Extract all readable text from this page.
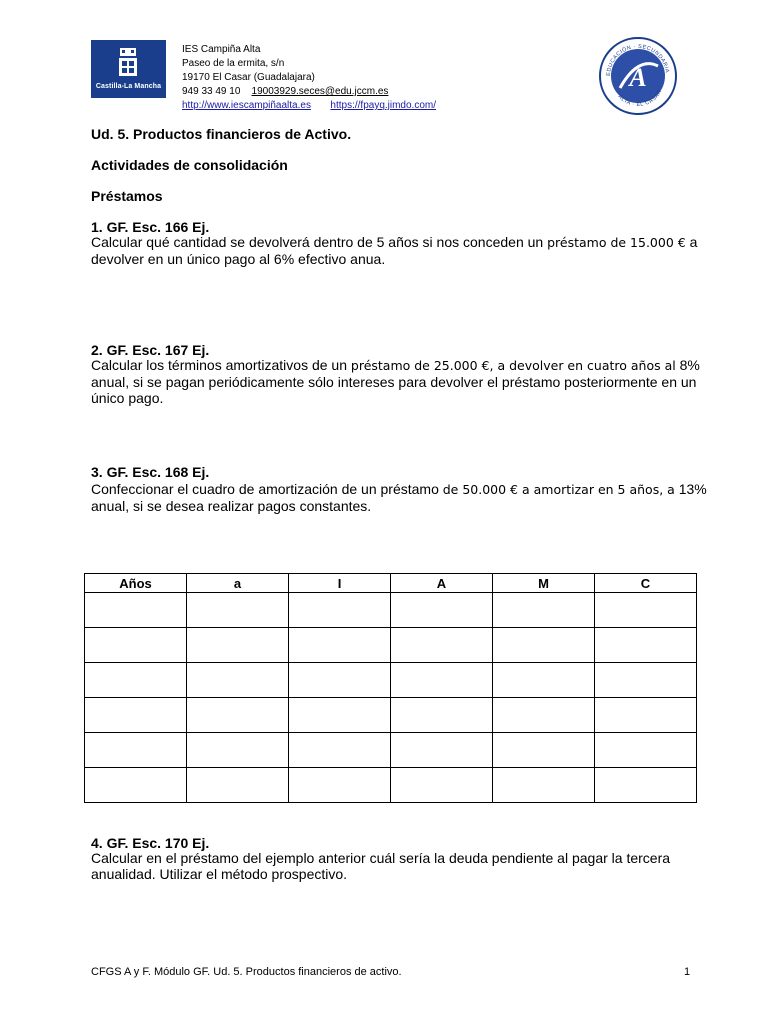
Castilla-La Mancha
IES Campiña Alta
Paseo de la ermita, s/n
19170 El Casar (Guadalajara)
949 33 49 10 19003929.seces@edu.jccm.es
http://www.iescampiñaalta.es https://fpayq.jimdo.com/
A
EDUCACIÓN · SECUNDARIA
ALTA · EL CASAR
Ud. 5. Productos financieros de Activo.
Actividades de consolidación
Préstamos
1. GF. Esc. 166 Ej.
Calcular qué cantidad se devolverá dentro de 5 años si nos conceden un préstamo de 15.000 € a devolver en un único pago al 6% efectivo anua.
2. GF. Esc. 167 Ej.
Calcular los términos amortizativos de un préstamo de 25.000 €, a devolver en cuatro años al 8% anual, si se pagan periódicamente sólo intereses para devolver el préstamo posteriormente en un único pago.
3. GF. Esc. 168 Ej.
Confeccionar el cuadro de amortización de un préstamo de 50.000 € a amortizar en 5 años, a 13% anual, si se desea realizar pagos constantes.
Años	a	I	A	M	C

4. GF. Esc. 170 Ej.
Calcular en el préstamo del ejemplo anterior cuál sería la deuda pendiente al pagar la tercera anualidad. Utilizar el método prospectivo.
CFGS A y F. Módulo GF. Ud. 5. Productos financieros de activo.	1
